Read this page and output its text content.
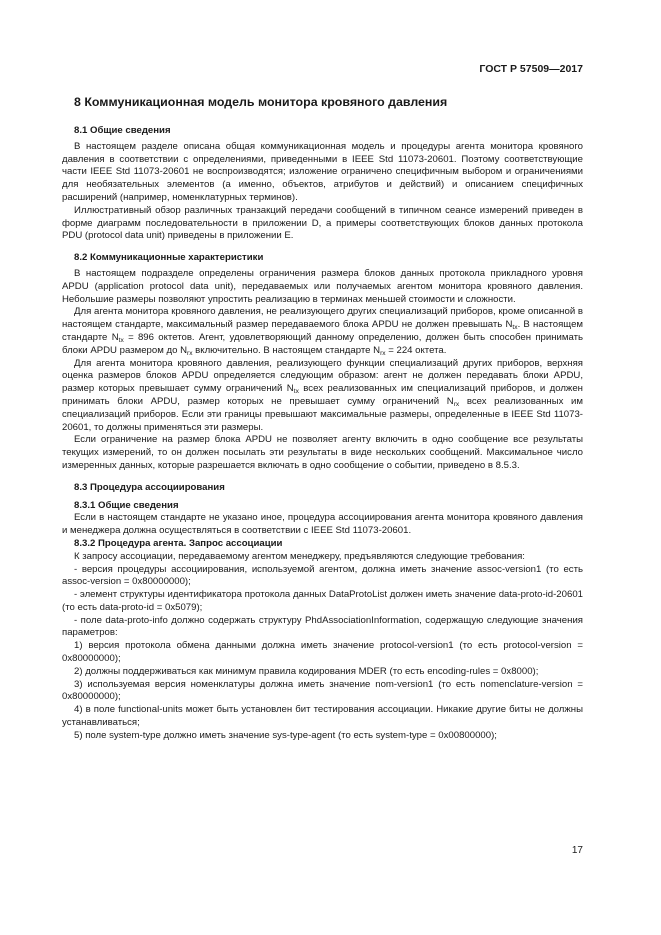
ГОСТ Р 57509—2017
8 Коммуникационная модель монитора кровяного давления
8.1 Общие сведения

В настоящем разделе описана общая коммуникационная модель и процедуры агента монитора кровяного давления в соответствии с определениями, приведенными в IEEE Std 11073-20601. Поэтому соответствующие части IEEE Std 11073-20601 не воспроизводятся; изложение ограничено специфичным выбором и ограничениями для необязательных элементов (а именно, объектов, атрибутов и действий) и описанием специфичных расширений (например, номенклатурных терминов).

Иллюстративный обзор различных транзакций передачи сообщений в типичном сеансе измерений приведен в форме диаграмм последовательности в приложении D, а примеры соответствующих блоков данных протокола PDU (protocol data unit) приведены в приложении E.

8.2 Коммуникационные характеристики

В настоящем подразделе определены ограничения размера блоков данных протокола прикладного уровня APDU (application protocol data unit), передаваемых или получаемых агентом монитора кровяного давления. Небольшие размеры позволяют упростить реализацию в терминах меньшей стоимости и сложности.

Для агента монитора кровяного давления, не реализующего других специализаций приборов, кроме описанной в настоящем стандарте, максимальный размер передаваемого блока APDU не должен превышать $N_{tx}$. В настоящем стандарте $N_{tx} = 896$ октетов. Агент, удовлетворяющий данному определению, должен быть способен принимать блоки APDU размером до $N_{rx}$ включительно. В настоящем стандарте $N_{rx} = 224$ октета.

Для агента монитора кровяного давления, реализующего функции специализаций других приборов, верхняя оценка размеров блоков APDU определяется следующим образом: агент не должен передавать блоки APDU, размер которых превышает сумму ограничений $N_{tx}$ всех реализованных им специализаций приборов, и должен принимать блоки APDU, размер которых не превышает сумму ограничений $N_{rx}$ всех реализованных им специализаций приборов. Если эти границы превышают максимальные размеры, определенные в IEEE Std 11073-20601, то должны применяться эти размеры.

Если ограничение на размер блока APDU не позволяет агенту включить в одно сообщение все результаты текущих измерений, то он должен посылать эти результаты в виде нескольких сообщений. Максимальное число измеренных данных, которые разрешается включать в одно сообщение о событии, приведено в 8.5.3.

8.3 Процедура ассоциирования
8.3.1 Общие сведения

Если в настоящем стандарте не указано иное, процедура ассоциирования агента монитора кровяного давления и менеджера должна осуществляться в соответствии с IEEE Std 11073-20601.

8.3.2 Процедура агента. Запрос ассоциации

К запросу ассоциации, передаваемому агентом менеджеру, предъявляются следующие требования:

- версия процедуры ассоциирования, используемой агентом, должна иметь значение assoc-version1 (то есть assoc-version = 0x80000000);

- элемент структуры идентификатора протокола данных DataProtoList должен иметь значение data-proto-id-20601 (то есть data-proto-id = 0x5079);

- поле data-proto-info должно содержать структуру PhdAssociationInformation, содержащую следующие значения параметров:

1) версия протокола обмена данными должна иметь значение protocol-version1 (то есть protocol-version = 0x80000000);

2) должны поддерживаться как минимум правила кодирования MDER (то есть encoding-rules = 0x8000);

3) используемая версия номенклатуры должна иметь значение nom-version1 (то есть nomenclature-version = 0x80000000);

4) в поле functional-units может быть установлен бит тестирования ассоциации. Никакие другие биты не должны устанавливаться;

5) поле system-type должно иметь значение sys-type-agent (то есть system-type = 0x00800000);

17
